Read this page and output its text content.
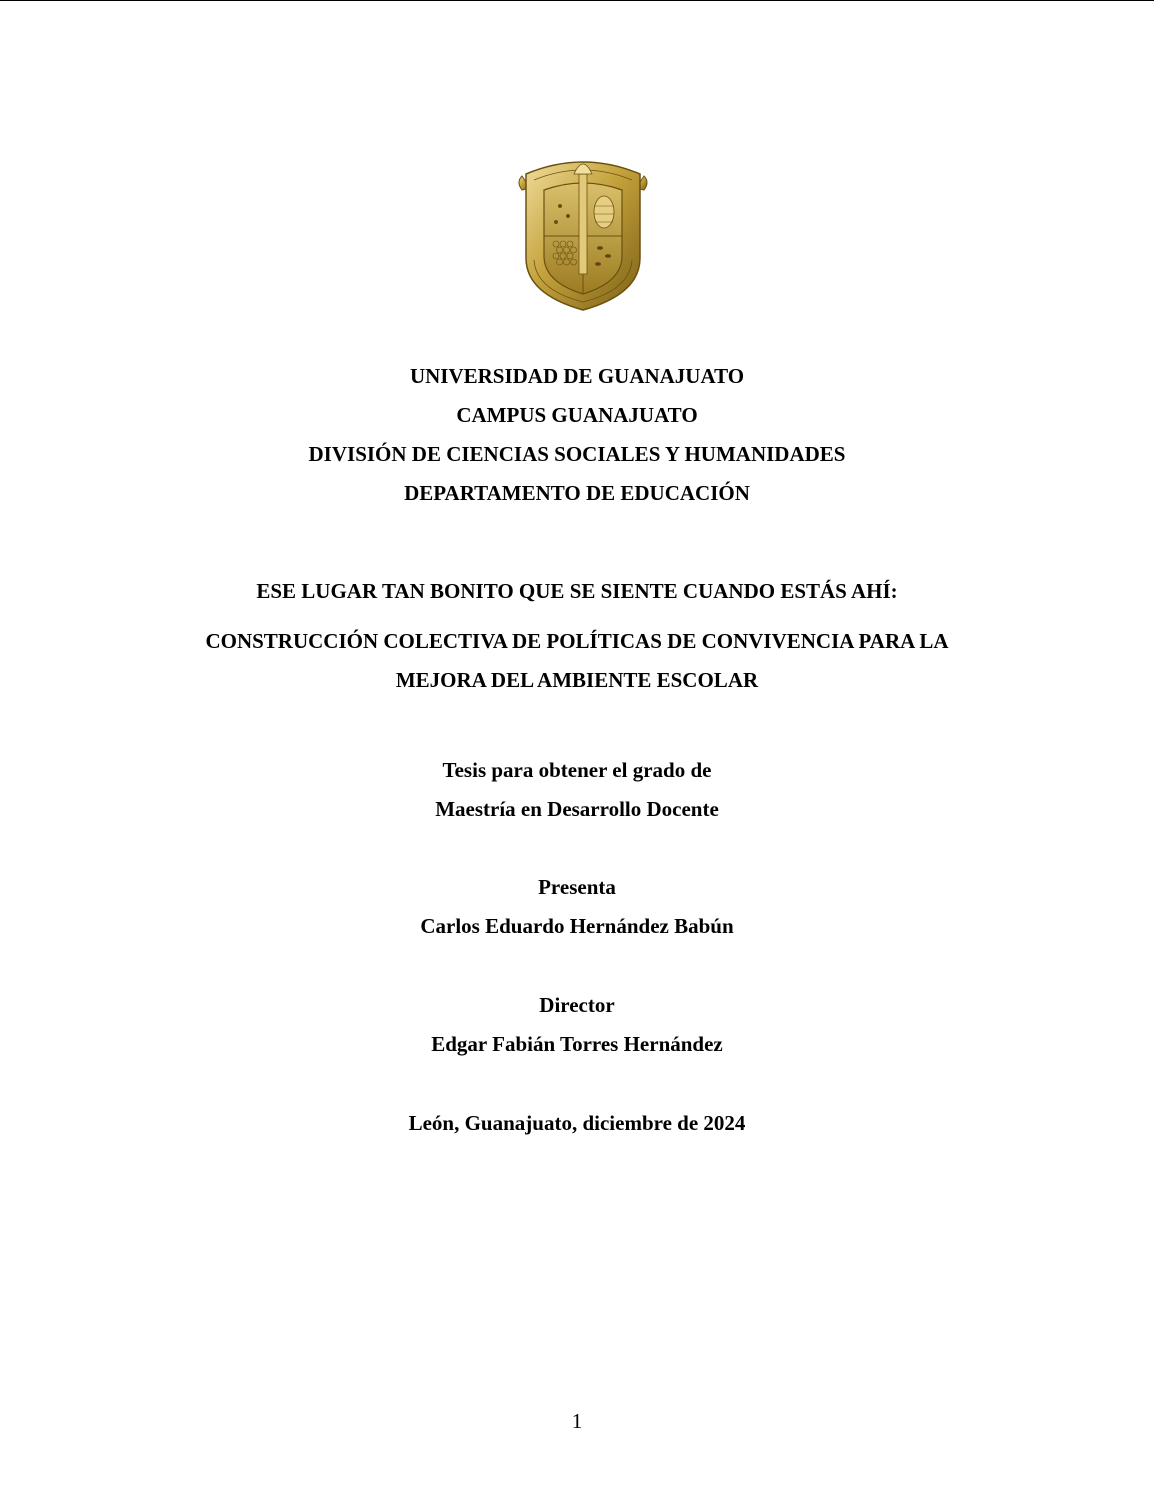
UNIVERSIDAD DE GUANAJUATO
CAMPUS GUANAJUATO
DIVISIÓN DE CIENCIAS SOCIALES Y HUMANIDADES
DEPARTAMENTO DE EDUCACIÓN
ESE LUGAR TAN BONITO QUE SE SIENTE CUANDO ESTÁS AHÍ:
CONSTRUCCIÓN COLECTIVA DE POLÍTICAS DE CONVIVENCIA PARA LA
MEJORA DEL AMBIENTE ESCOLAR
Tesis para obtener el grado de
Maestría en Desarrollo Docente
Presenta
Carlos Eduardo Hernández Babún
Director
Edgar Fabián Torres Hernández
León, Guanajuato, diciembre de 2024
1
